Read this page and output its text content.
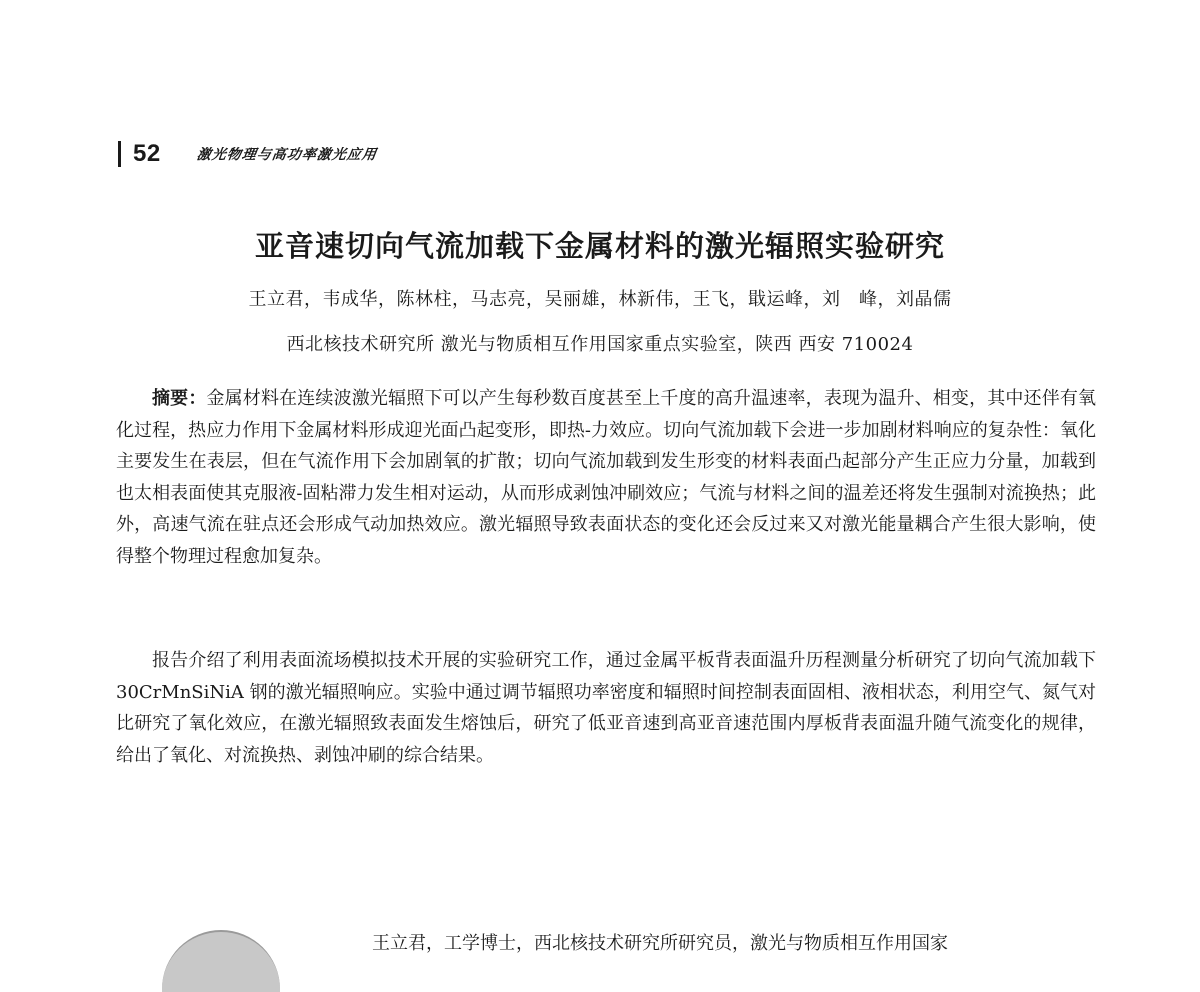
52 激光物理与高功率激光应用
亚音速切向气流加载下金属材料的激光辐照实验研究
王立君，韦成华，陈林柱，马志亮，吴丽雄，林新伟，王飞，戢运峰，刘　峰，刘晶儒
西北核技术研究所 激光与物质相互作用国家重点实验室，陕西 西安 710024

摘要：金属材料在连续波激光辐照下可以产生每秒数百度甚至上千度的高升温速率，表现为温升、相变，其中还伴有氧化过程，热应力作用下金属材料形成迎光面凸起变形，即热-力效应。切向气流加载下会进一步加剧材料响应的复杂性：氧化主要发生在表层，但在气流作用下会加剧氧的扩散；切向气流加载到发生形变的材料表面凸起部分产生正应力分量，加载到也太相表面使其克服液-固粘滞力发生相对运动，从而形成剥蚀冲刷效应；气流与材料之间的温差还将发生强制对流换热；此外，高速气流在驻点还会形成气动加热效应。激光辐照导致表面状态的变化还会反过来又对激光能量耦合产生很大影响，使得整个物理过程愈加复杂。

报告介绍了利用表面流场模拟技术开展的实验研究工作，通过金属平板背表面温升历程测量分析研究了切向气流加载下 30CrMnSiNiA 钢的激光辐照响应。实验中通过调节辐照功率密度和辐照时间控制表面固相、液相状态，利用空气、氮气对比研究了氧化效应，在激光辐照致表面发生熔蚀后，研究了低亚音速到高亚音速范围内厚板背表面温升随气流变化的规律，给出了氧化、对流换热、剥蚀冲刷的综合结果。

王立君，工学博士，西北核技术研究所研究员，激光与物质相互作用国家
